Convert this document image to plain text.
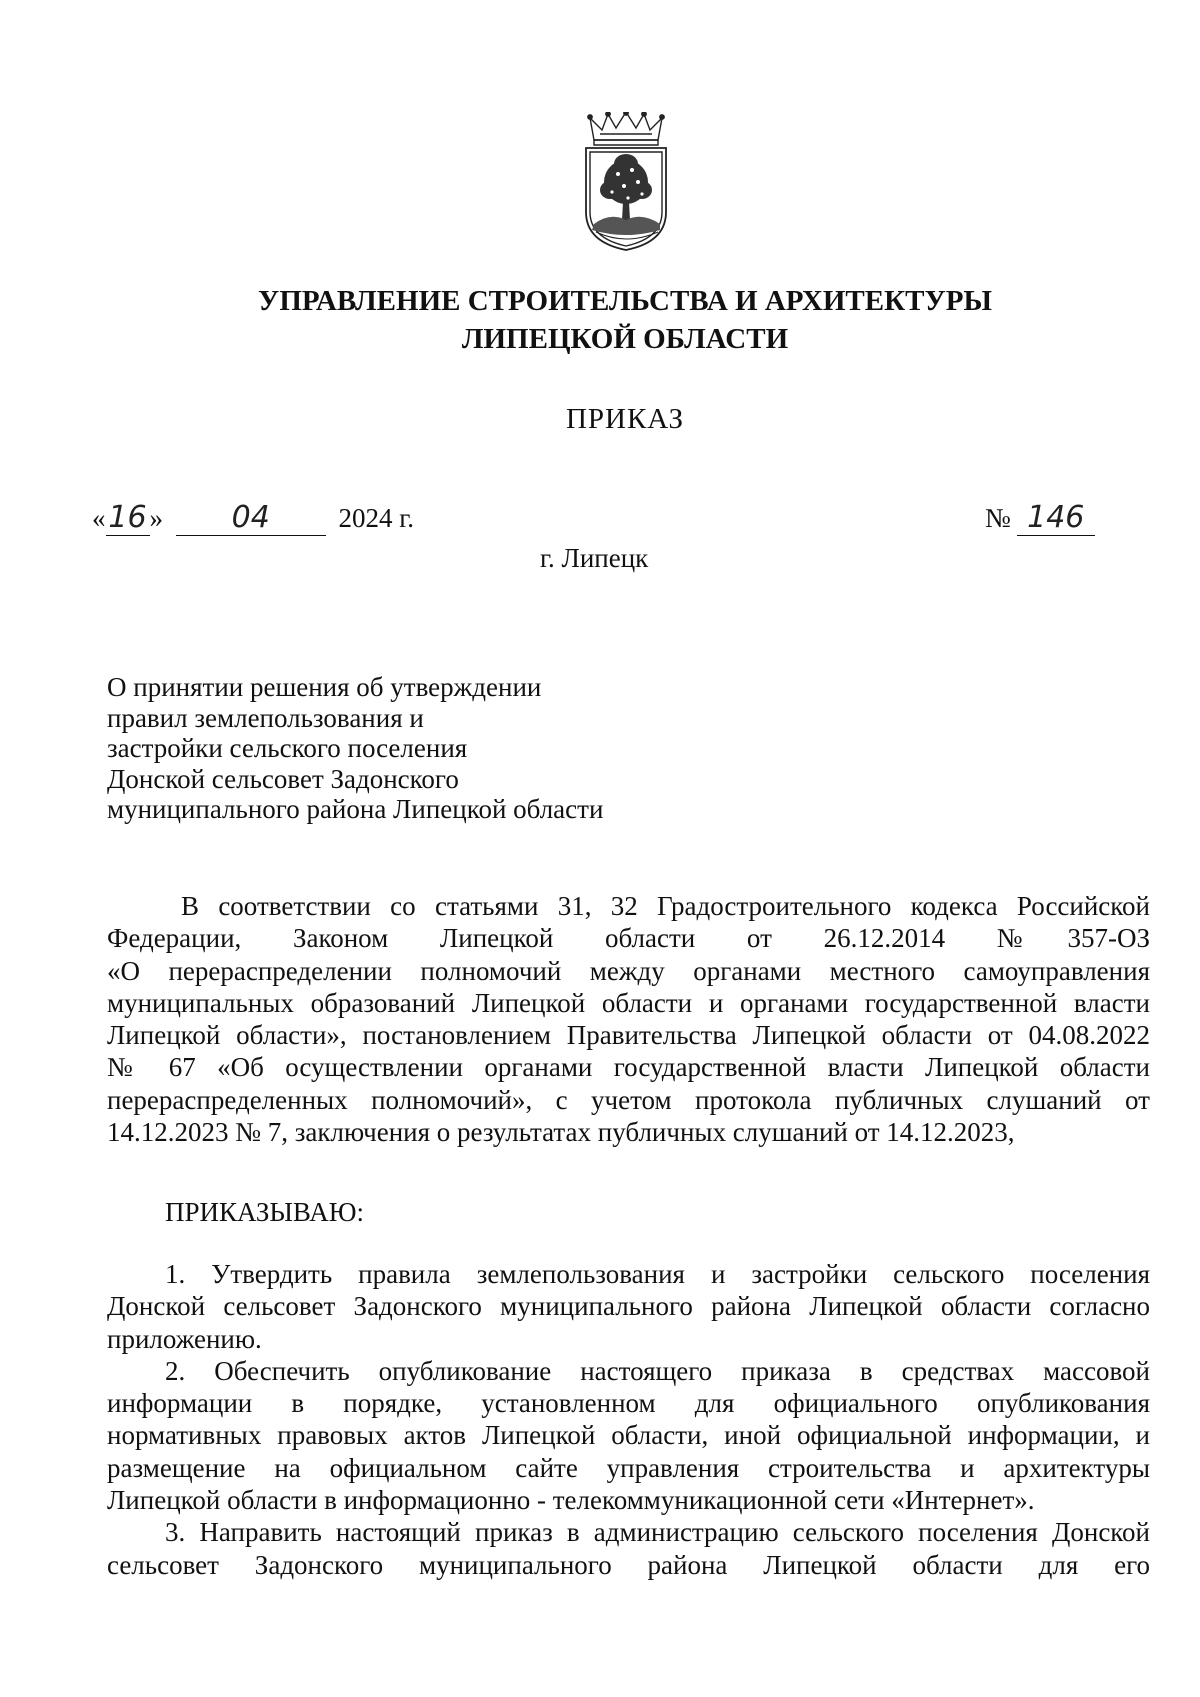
УПРАВЛЕНИЕ СТРОИТЕЛЬСТВА И АРХИТЕКТУРЫ
ЛИПЕЦКОЙ ОБЛАСТИ
ПРИКАЗ
«16 » 04	2024 г.	№ 146
г. Липецк
О принятии решения об утверждении
правил землепользования и
застройки сельского поселения
Донской сельсовет Задонского
муниципального района Липецкой области
В соответствии со статьями 31, 32 Градостроительного кодекса Российской
Федерации, Законом Липецкой области от 26.12.2014 №357-ОЗ
«О перераспределении полномочий между органами местного самоуправления
муниципальных образований Липецкой области и органами государственной власти
Липецкой области», постановлением Правительства Липецкой области от 04.08.2022
№ 67 «Об осуществлении органами государственной власти Липецкой области
перераспределенных полномочий», с учетом протокола публичных слушаний от
14.12.2023 № 7, заключения о результатах публичных слушаний от 14.12.2023,
ПРИКАЗЫВАЮ:
1. Утвердить правила землепользования и застройки сельского поселения
Донской сельсовет Задонского муниципального района Липецкой области согласно
приложению.
2. Обеспечить опубликование настоящего приказа в средствах массовой
информации в порядке, установленном для официального опубликования
нормативных правовых актов Липецкой области, иной официальной информации, и
размещение на официальном сайте управления строительства и архитектуры
Липецкой области в информационно - телекоммуникационной сети «Интернет».
3. Направить настоящий приказ в администрацию сельского поселения Донской
сельсовет Задонского муниципального района Липецкой области для его
